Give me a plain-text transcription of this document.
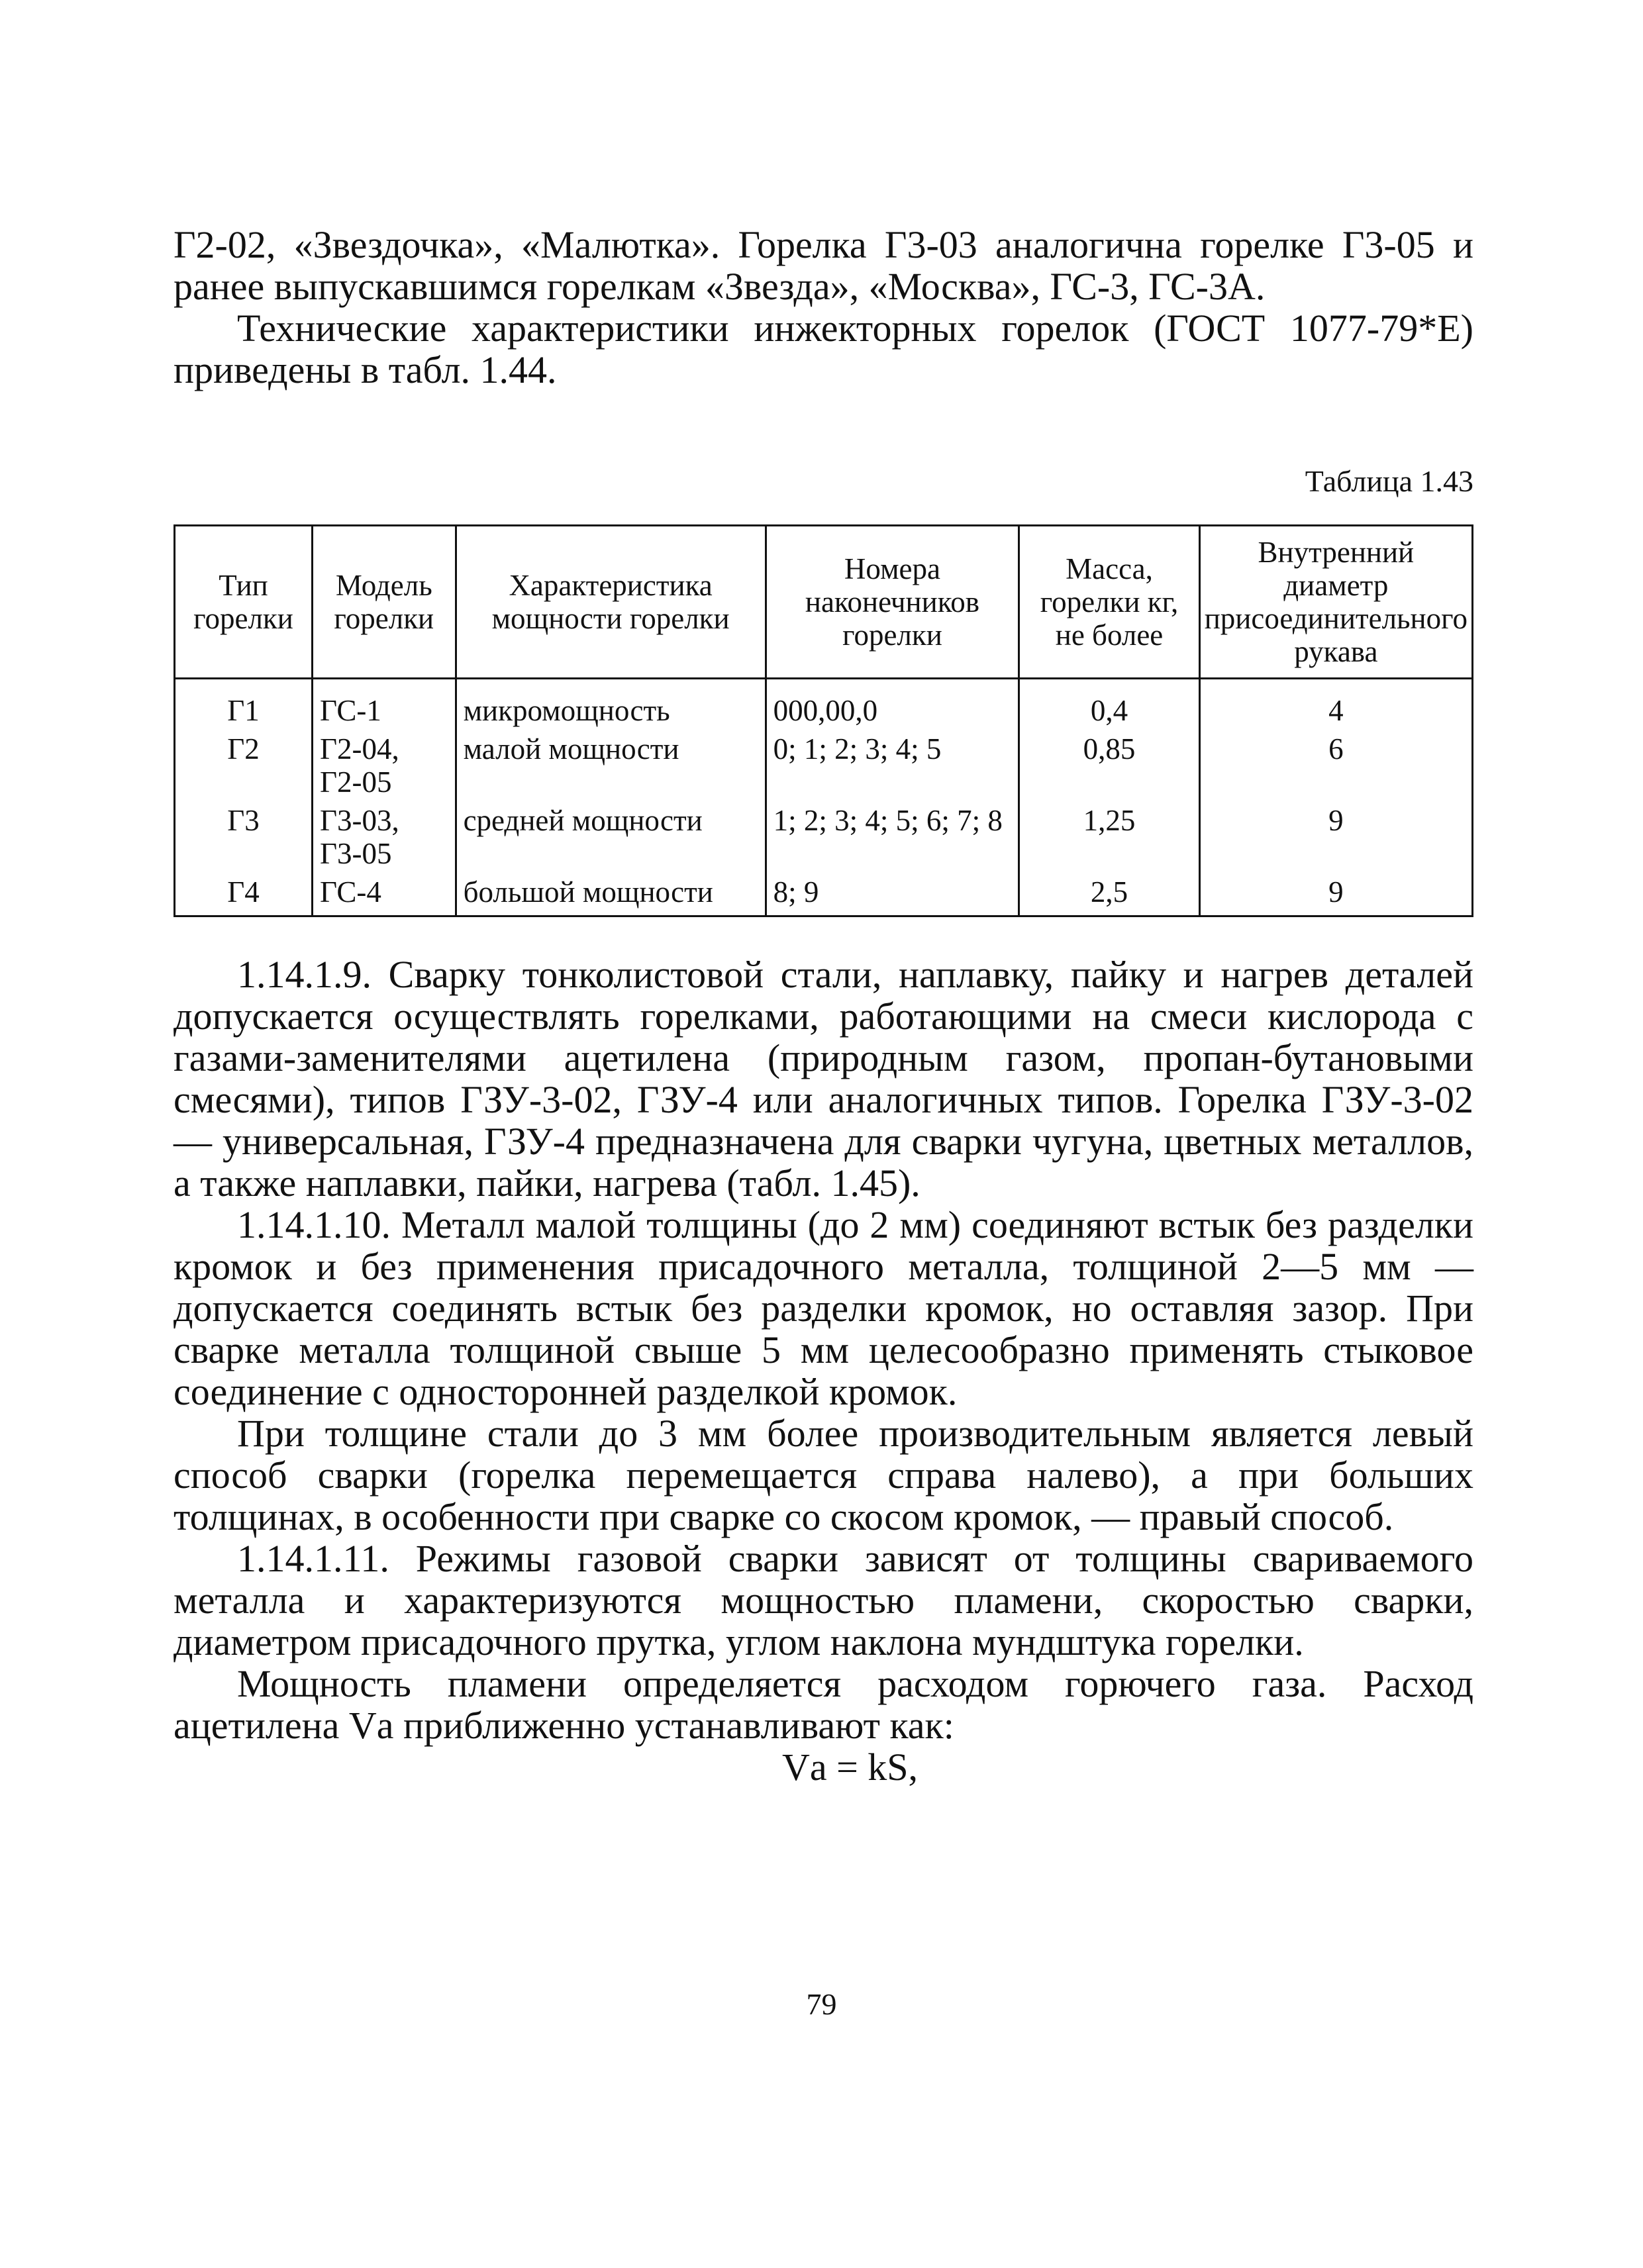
Г2-02, «Звездочка», «Малютка». Горелка Г3-03 аналогична горелке Г3-05 и ранее выпускавшимся горелкам «Звезда», «Москва», ГС-3, ГС-3А.

Технические характеристики инжекторных горелок (ГОСТ 1077-79*Е) приведены в табл. 1.44.

Таблица 1.43
Тип горелки	Модель горелки	Характеристика мощности горелки	Номера наконечников горелки	Масса, горелки кг, не более	Внутренний диаметр присоединительного рукава
Г1	ГС-1	микромощность	000,00,0	0,4	4
Г2	Г2-04, Г2-05	малой мощности	0; 1; 2; 3; 4; 5	0,85	6
Г3	Г3-03, Г3-05	средней мощности	1; 2; 3; 4; 5; 6; 7; 8	1,25	9
Г4	ГС-4	большой мощности	8; 9	2,5	9

1.14.1.9. Сварку тонколистовой стали, наплавку, пайку и нагрев деталей допускается осуществлять горелками, работающими на смеси кислорода с газами-заменителями ацетилена (природным газом, пропан-бутановыми смесями), типов ГЗУ-3-02, ГЗУ-4 или аналогичных типов. Горелка ГЗУ-3-02 — универсальная, ГЗУ-4 предназначена для сварки чугуна, цветных металлов, а также наплавки, пайки, нагрева (табл. 1.45).

1.14.1.10. Металл малой толщины (до 2 мм) соединяют встык без разделки кромок и без применения присадочного металла, толщиной 2—5 мм — допускается соединять встык без разделки кромок, но оставляя зазор. При сварке металла толщиной свыше 5 мм целесообразно применять стыковое соединение с односторонней разделкой кромок.

При толщине стали до 3 мм более производительным является левый способ сварки (горелка перемещается справа налево), а при больших толщинах, в особенности при сварке со скосом кромок, — правый способ.

1.14.1.11. Режимы газовой сварки зависят от толщины свариваемого металла и характеризуются мощностью пламени, скоростью сварки, диаметром присадочного прутка, углом наклона мундштука горелки.

Мощность пламени определяется расходом горючего газа. Расход ацетилена Vа приближенно устанавливают как:

Vа = kS,

79
